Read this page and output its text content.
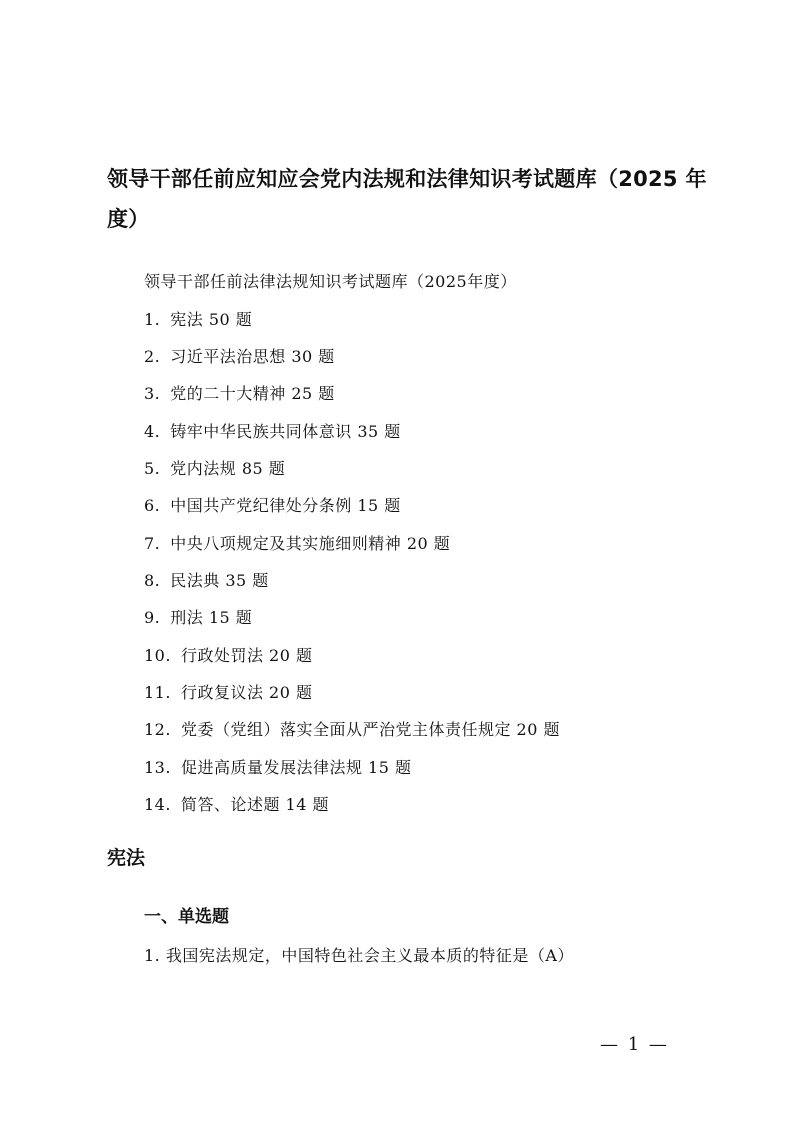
领导干部任前应知应会党内法规和法律知识考试题库（2025 年
度）
领导干部任前法律法规知识考试题库（2025年度）
1. 宪法 50 题
2. 习近平法治思想 30 题
3. 党的二十大精神 25 题
4. 铸牢中华民族共同体意识 35 题
5. 党内法规 85 题
6. 中国共产党纪律处分条例 15 题
7. 中央八项规定及其实施细则精神 20 题
8. 民法典 35 题
9. 刑法 15 题
10. 行政处罚法 20 题
11. 行政复议法 20 题
12. 党委（党组）落实全面从严治党主体责任规定 20 题
13. 促进高质量发展法律法规 15 题
14. 简答、论述题 14 题
宪法
一、单选题
1. 我国宪法规定，中国特色社会主义最本质的特征是（A）
— 1 —
